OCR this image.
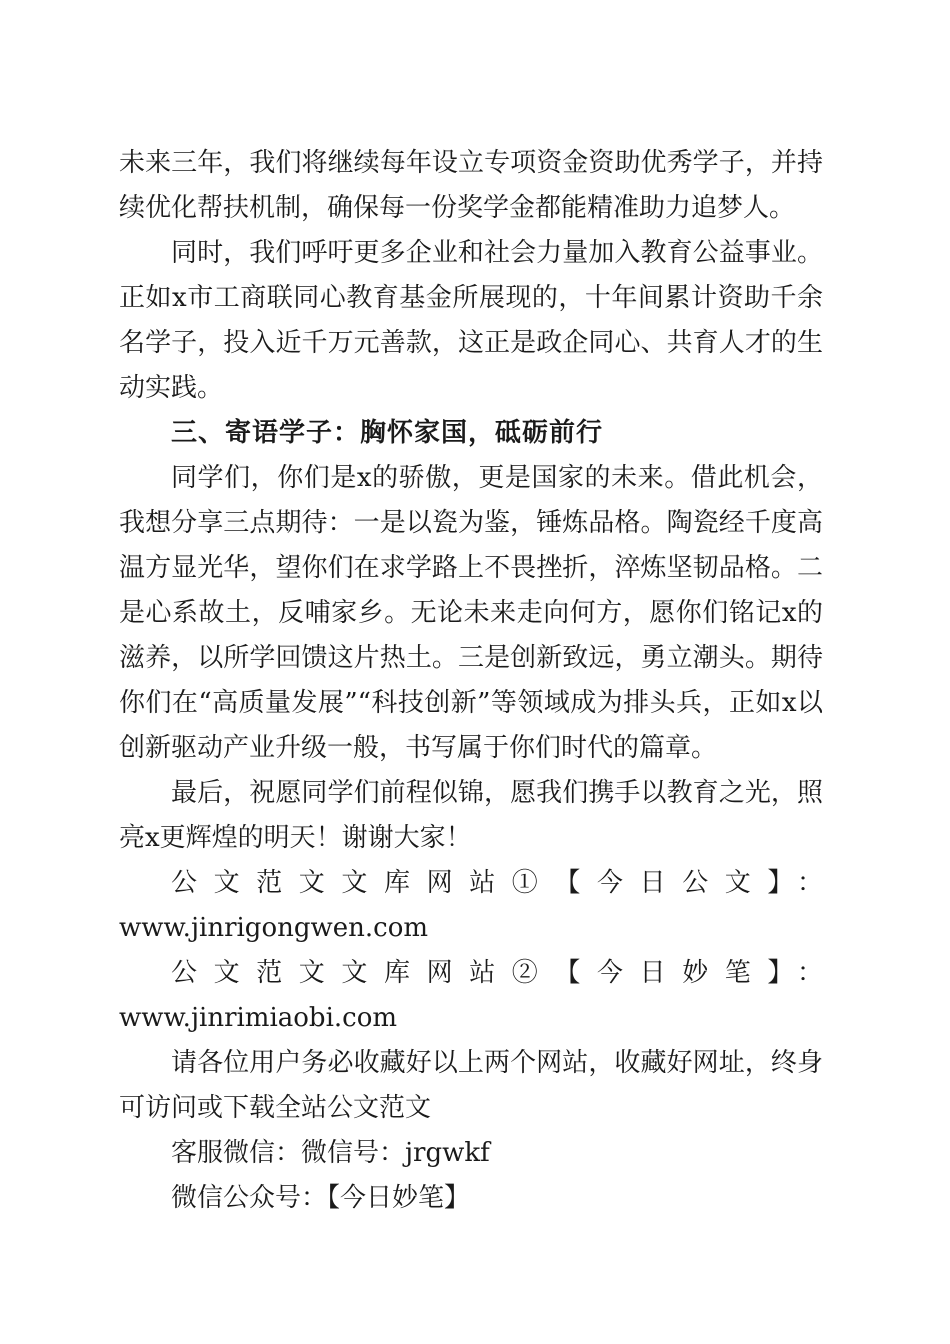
未来三年，我们将继续每年设立专项资金资助优秀学子，并持续优化帮扶机制，确保每一份奖学金都能精准助力追梦人。

同时，我们呼吁更多企业和社会力量加入教育公益事业。正如x市工商联同心教育基金所展现的，十年间累计资助千余名学子，投入近千万元善款，这正是政企同心、共育人才的生动实践。

三、寄语学子：胸怀家国，砥砺前行

同学们，你们是x的骄傲，更是国家的未来。借此机会，我想分享三点期待：一是以瓷为鉴，锤炼品格。陶瓷经千度高温方显光华，望你们在求学路上不畏挫折，淬炼坚韧品格。二是心系故土，反哺家乡。无论未来走向何方，愿你们铭记x的滋养，以所学回馈这片热土。三是创新致远，勇立潮头。期待你们在“高质量发展”“科技创新”等领域成为排头兵，正如x以创新驱动产业升级一般，书写属于你们时代的篇章。

最后，祝愿同学们前程似锦，愿我们携手以教育之光，照亮x更辉煌的明天！谢谢大家！

公文范文文库网站①【今日公文】：

www.jinrigongwen.com

公文范文文库网站②【今日妙笔】：www.jinrimiaobi.com

请各位用户务必收藏好以上两个网站，收藏好网址，终身可访问或下载全站公文范文

客服微信：微信号：jrgwkf

微信公众号：【今日妙笔】
